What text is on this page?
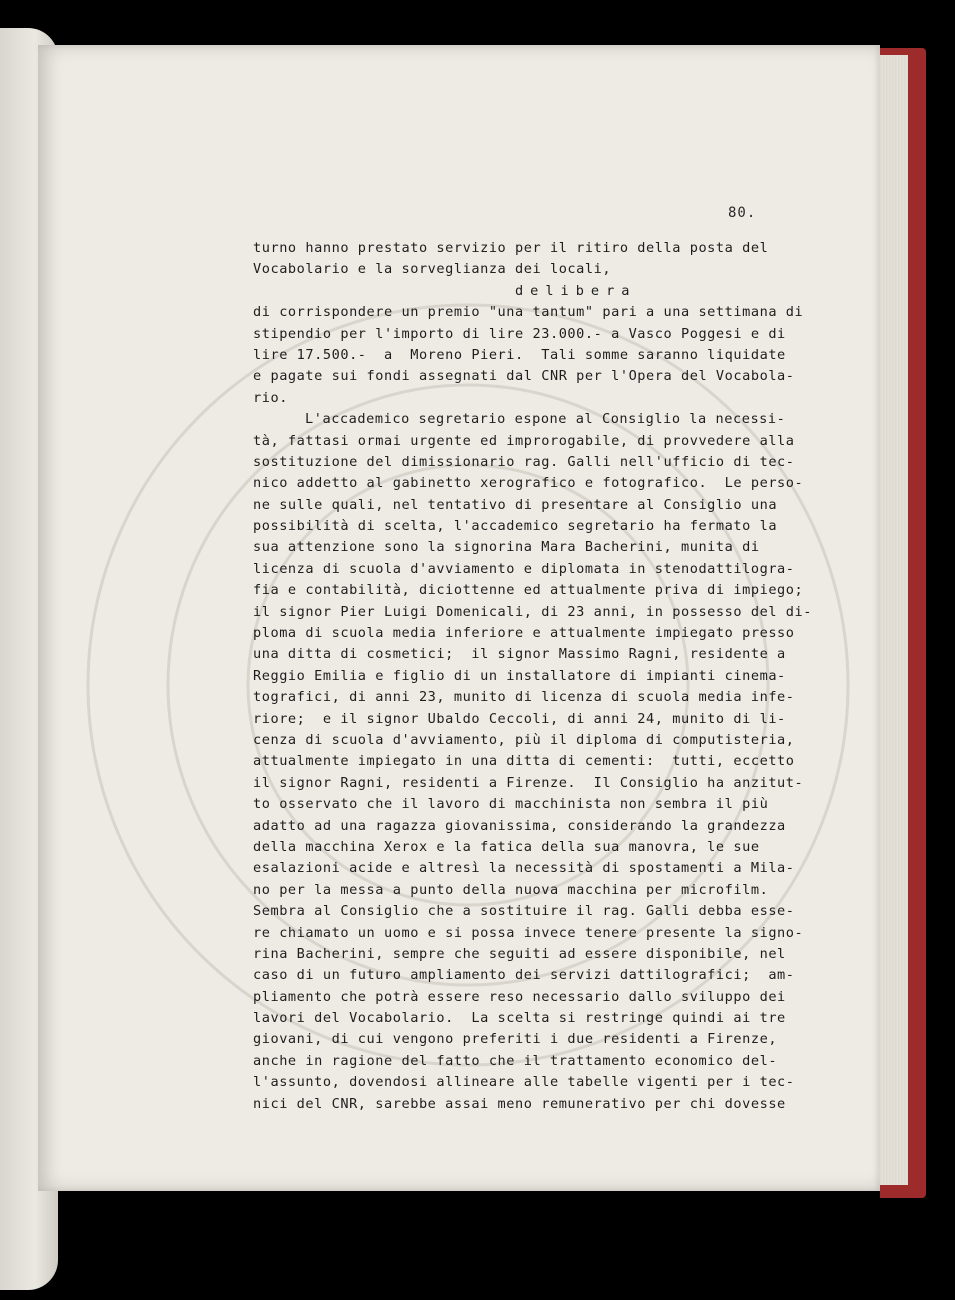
80.
turno hanno prestato servizio per il ritiro della posta del
Vocabolario e la sorveglianza dei locali,
delibera
di corrispondere un premio "una tantum" pari a una settimana di
stipendio per l'importo di lire 23.000.- a Vasco Poggesi e di
lire 17.500.-  a  Moreno Pieri.  Tali somme saranno liquidate
e pagate sui fondi assegnati dal CNR per l'Opera del Vocabola-
rio.
L'accademico segretario espone al Consiglio la necessi-
tà, fattasi ormai urgente ed improrogabile, di provvedere alla
sostituzione del dimissionario rag. Galli nell'ufficio di tec-
nico addetto al gabinetto xerografico e fotografico.  Le perso-
ne sulle quali, nel tentativo di presentare al Consiglio una
possibilità di scelta, l'accademico segretario ha fermato la
sua attenzione sono la signorina Mara Bacherini, munita di
licenza di scuola d'avviamento e diplomata in stenodattilogra-
fia e contabilità, diciottenne ed attualmente priva di impiego;
il signor Pier Luigi Domenicali, di 23 anni, in possesso del di-
ploma di scuola media inferiore e attualmente impiegato presso
una ditta di cosmetici;  il signor Massimo Ragni, residente a
Reggio Emilia e figlio di un installatore di impianti cinema-
tografici, di anni 23, munito di licenza di scuola media infe-
riore;  e il signor Ubaldo Ceccoli, di anni 24, munito di li-
cenza di scuola d'avviamento, più il diploma di computisteria,
attualmente impiegato in una ditta di cementi:  tutti, eccetto
il signor Ragni, residenti a Firenze.  Il Consiglio ha anzitut-
to osservato che il lavoro di macchinista non sembra il più
adatto ad una ragazza giovanissima, considerando la grandezza
della macchina Xerox e la fatica della sua manovra, le sue
esalazioni acide e altresì la necessità di spostamenti a Mila-
no per la messa a punto della nuova macchina per microfilm.
Sembra al Consiglio che a sostituire il rag. Galli debba esse-
re chiamato un uomo e si possa invece tenere presente la signo-
rina Bacherini, sempre che seguiti ad essere disponibile, nel
caso di un futuro ampliamento dei servizi dattilografici;  am-
pliamento che potrà essere reso necessario dallo sviluppo dei
lavori del Vocabolario.  La scelta si restringe quindi ai tre
giovani, di cui vengono preferiti i due residenti a Firenze,
anche in ragione del fatto che il trattamento economico del-
l'assunto, dovendosi allineare alle tabelle vigenti per i tec-
nici del CNR, sarebbe assai meno remunerativo per chi dovesse
